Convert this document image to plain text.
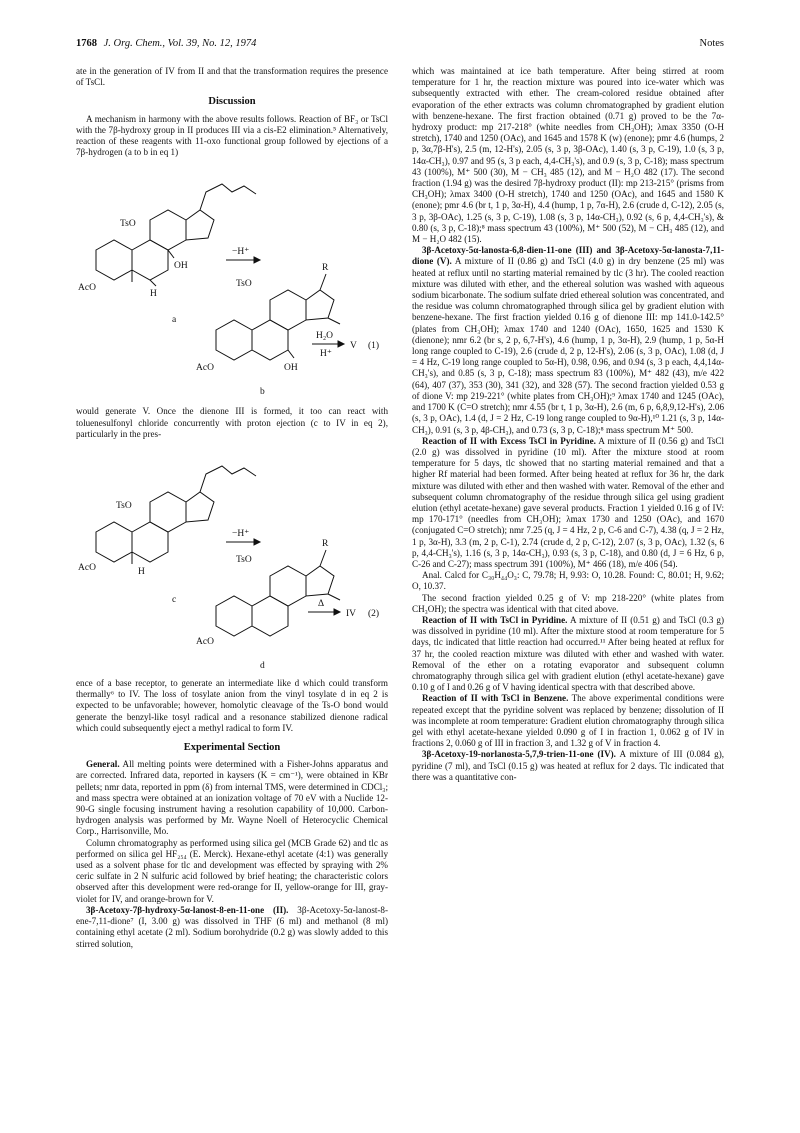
1768 J. Org. Chem., Vol. 39, No. 12, 1974	Notes

ate in the generation of IV from II and that the transformation requires the presence of TsCl.

Discussion

A mechanism in harmony with the above results follows. Reaction of BF₃ or TsCl with the 7β-hydroxy group in II produces III via a cis-E2 elimination.⁵ Alternatively, reaction of these reagents with 11-oxo functional group followed by ejections of a 7β-hydrogen (a to b in eq 1)

TsO
AcO
H
OH
a
−H⁺
TsO
R
AcO	OH
b
H₂O
H⁺
V (1)

would generate V. Once the dienone III is formed, it too can react with toluenesulfonyl chloride concurrently with proton ejection (c to IV in eq 2), particularly in the pres-

TsO
AcO	H
c
−H⁺
TsO
R
AcO
d
Δ
IV (2)

ence of a base receptor, to generate an intermediate like d which could transform thermally⁶ to IV. The loss of tosylate anion from the vinyl tosylate d in eq 2 is expected to be unfavorable; however, homolytic cleavage of the Ts-O bond would generate the benzyl-like tosyl radical and a resonance stabilized dienone radical which could subsequently eject a methyl radical to form IV.

Experimental Section

General. All melting points were determined with a Fisher-Johns apparatus and are corrected. Infrared data, reported in kaysers (K = cm⁻¹), were obtained in KBr pellets; nmr data, reported in ppm (δ) from internal TMS, were determined in CDCl₃; and mass spectra were obtained at an ionization voltage of 70 eV with a Nuclide 12-90-G single focusing instrument having a resolution capability of 10,000. Carbon-hydrogen analysis was performed by Mr. Wayne Noell of Heterocyclic Chemical Corp., Harrisonville, Mo.

Column chromatography as performed using silica gel (MCB Grade 62) and tlc as performed on silica gel HF₂₅₄ (E. Merck). Hexane-ethyl acetate (4:1) was generally used as a solvent phase for tlc and development was effected by spraying with 2% ceric sulfate in 2 N sulfuric acid followed by brief heating; the characteristic colors observed after this development were red-orange for II, yellow-orange for III, gray-violet for IV, and orange-brown for V.

3β-Acetoxy-7β-hydroxy-5α-lanost-8-en-11-one (II). 3β-Acetoxy-5α-lanost-8-ene-7,11-dione⁷ (I, 3.00 g) was dissolved in THF (6 ml) and methanol (8 ml) containing ethyl acetate (2 ml). Sodium borohydride (0.2 g) was slowly added to this stirred solution,

which was maintained at ice bath temperature. After being stirred at room temperature for 1 hr, the reaction mixture was poured into ice-water which was subsequently extracted with ether. The cream-colored residue obtained after evaporation of the ether extracts was column chromatographed by gradient elution with benzene-hexane. The first fraction obtained (0.71 g) proved to be the 7α-hydroxy product: mp 217-218° (white needles from CH₃OH); λmax 3350 (O-H stretch), 1740 and 1250 (OAc), and 1645 and 1578 K (w) (enone); pmr 4.6 (humps, 2 p, 3α,7β-H's), 2.5 (m, 12-H's), 2.05 (s, 3 p, 3β-OAc), 1.40 (s, 3 p, C-19), 1.0 (s, 3 p, 14α-CH₃), 0.97 and 95 (s, 3 p each, 4,4-CH₃'s), and 0.9 (s, 3 p, C-18); mass spectrum 43 (100%), M⁺ 500 (30), M − CH₃ 485 (12), and M − H₂O 482 (17). The second fraction (1.94 g) was the desired 7β-hydroxy product (II): mp 213-215° (prisms from CH₃OH); λmax 3400 (O-H stretch), 1740 and 1250 (OAc), and 1645 and 1580 K (enone); pmr 4.6 (br t, 1 p, 3α-H), 4.4 (hump, 1 p, 7α-H), 2.6 (crude d, C-12), 2.05 (s, 3 p, 3β-OAc), 1.25 (s, 3 p, C-19), 1.08 (s, 3 p, 14α-CH₃), 0.92 (s, 6 p, 4,4-CH₃'s), & 0.80 (s, 3 p, C-18);⁸ mass spectrum 43 (100%), M⁺ 500 (52), M − CH₃ 485 (12), and M − H₂O 482 (15).

3β-Acetoxy-5α-lanosta-6,8-dien-11-one (III) and 3β-Acetoxy-5α-lanosta-7,11-dione (V). A mixture of II (0.86 g) and TsCl (4.0 g) in dry benzene (25 ml) was heated at reflux until no starting material remained by tlc (3 hr). The cooled reaction mixture was diluted with ether, and the ethereal solution was washed with aqueous sodium bicarbonate. The sodium sulfate dried ethereal solution was concentrated, and the residue was column chromatographed through silica gel by gradient elution with benzene-hexane. The first fraction yielded 0.16 g of dienone III: mp 141.0-142.5° (plates from CH₃OH); λmax 1740 and 1240 (OAc), 1650, 1625 and 1530 K (dienone); nmr 6.2 (br s, 2 p, 6,7-H's), 4.6 (hump, 1 p, 3α-H), 2.9 (hump, 1 p, 5α-H long range coupled to C-19), 2.6 (crude d, 2 p, 12-H's), 2.06 (s, 3 p, OAc), 1.08 (d, J = 4 Hz, C-19 long range coupled to 5α-H), 0.98, 0.96, and 0.94 (s, 3 p each, 4,4,14α-CH₃'s), and 0.85 (s, 3 p, C-18); mass spectrum 83 (100%), M⁺ 482 (43), m/e 422 (64), 407 (37), 353 (30), 341 (32), and 328 (57). The second fraction yielded 0.53 g of dione V: mp 219-221° (white plates from CH₃OH);⁹ λmax 1740 and 1245 (OAc), and 1700 K (C=O stretch); nmr 4.55 (br t, 1 p, 3α-H), 2.6 (m, 6 p, 6,8,9,12-H's), 2.06 (s, 3 p, OAc), 1.4 (d, J = 2 Hz, C-19 long range coupled to 9α-H),¹⁰ 1.21 (s, 3 p, 14α-CH₃), 0.91 (s, 3 p, 4β-CH₃), and 0.73 (s, 3 p, C-18);⁸ mass spectrum M⁺ 500.

Reaction of II with Excess TsCl in Pyridine. A mixture of II (0.56 g) and TsCl (2.0 g) was dissolved in pyridine (10 ml). After the mixture stood at room temperature for 5 days, tlc showed that no starting material remained and that a higher Rf material had been formed. After being heated at reflux for 36 hr, the dark mixture was diluted with ether and then washed with water. Removal of the ether and subsequent column chromatography of the residue through silica gel using gradient elution (ethyl acetate-hexane) gave several products. Fraction 1 yielded 0.16 g of IV: mp 170-171° (needles from CH₃OH); λmax 1730 and 1250 (OAc), and 1670 (conjugated C=O stretch); nmr 7.25 (q, J = 4 Hz, 2 p, C-6 and C-7), 4.38 (q, J = 2 Hz, 1 p, 3α-H), 3.3 (m, 2 p, C-1), 2.74 (crude d, 2 p, C-12), 2.07 (s, 3 p, OAc), 1.32 (s, 6 p, 4,4-CH₃'s), 1.16 (s, 3 p, 14α-CH₃), 0.93 (s, 3 p, C-18), and 0.80 (d, J = 6 Hz, 6 p, C-26 and C-27); mass spectrum 391 (100%), M⁺ 466 (18), m/e 406 (54).

Anal. Calcd for C₃₀H₄₄O₃: C, 79.78; H, 9.93: O, 10.28. Found: C, 80.01; H, 9.62; O, 10.37.

The second fraction yielded 0.25 g of V: mp 218-220° (white plates from CH₃OH); the spectra was identical with that cited above.

Reaction of II with TsCl in Pyridine. A mixture of II (0.51 g) and TsCl (0.3 g) was dissolved in pyridine (10 ml). After the mixture stood at room temperature for 5 days, tlc indicated that little reaction had occurred.¹¹ After being heated at reflux for 37 hr, the cooled reaction mixture was diluted with ether and washed with water. Removal of the ether on a rotating evaporator and subsequent column chromatography through silica gel with gradient elution (ethyl acetate-hexane) gave 0.10 g of I and 0.26 g of V having identical spectra with that described above.

Reaction of II with TsCl in Benzene. The above experimental conditions were repeated except that the pyridine solvent was replaced by benzene; dissolution of II was incomplete at room temperature: Gradient elution chromatography through silica gel with ethyl acetate-hexane yielded 0.090 g of I in fraction 1, 0.062 g of IV in fractions 2, 0.060 g of III in fraction 3, and 1.32 g of V in fraction 4.

3β-Acetoxy-19-norlanosta-5,7,9-trien-11-one (IV). A mixture of III (0.084 g), pyridine (7 ml), and TsCl (0.15 g) was heated at reflux for 2 days. Tlc indicated that there was a quantitative con-
